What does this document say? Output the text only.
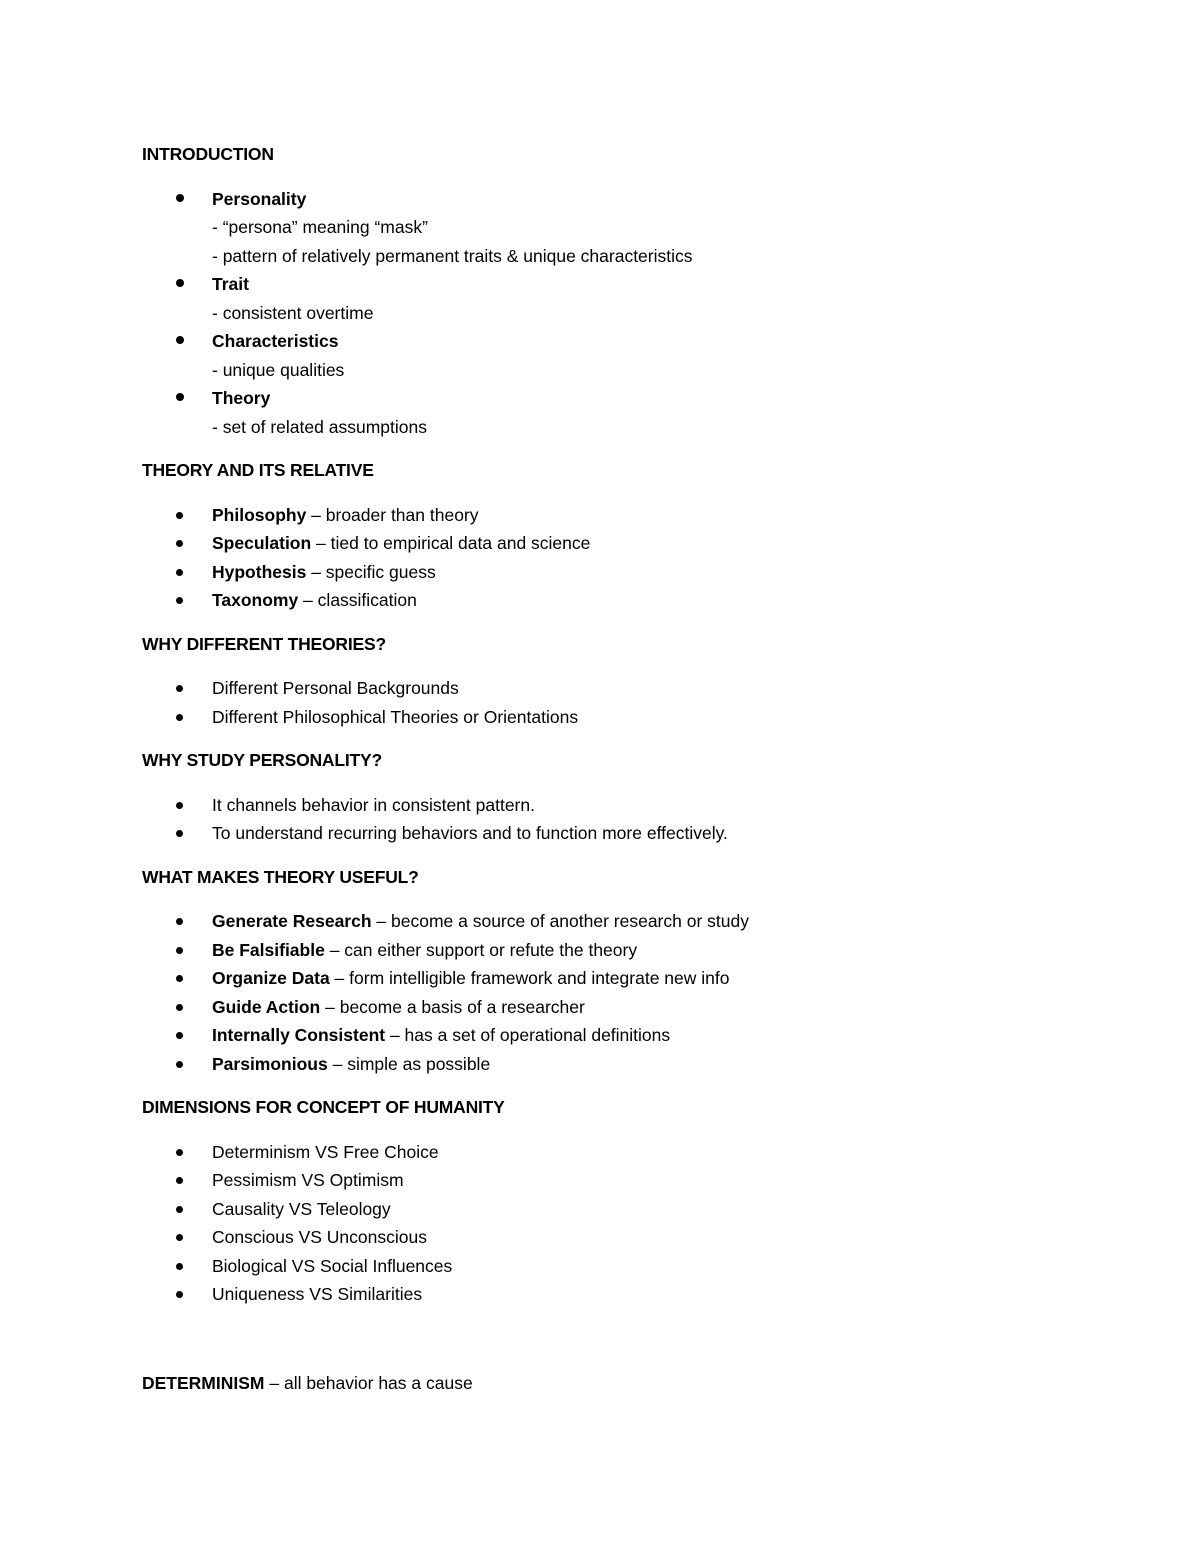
INTRODUCTION
Personality
- “persona” meaning “mask”
- pattern of relatively permanent traits & unique characteristics
Trait
- consistent overtime
Characteristics
- unique qualities
Theory
- set of related assumptions
THEORY AND ITS RELATIVE
Philosophy – broader than theory
Speculation – tied to empirical data and science
Hypothesis – specific guess
Taxonomy – classification
WHY DIFFERENT THEORIES?
Different Personal Backgrounds
Different Philosophical Theories or Orientations
WHY STUDY PERSONALITY?
It channels behavior in consistent pattern.
To understand recurring behaviors and to function more effectively.
WHAT MAKES THEORY USEFUL?
Generate Research – become a source of another research or study
Be Falsifiable – can either support or refute the theory
Organize Data – form intelligible framework and integrate new info
Guide Action – become a basis of a researcher
Internally Consistent – has a set of operational definitions
Parsimonious – simple as possible
DIMENSIONS FOR CONCEPT OF HUMANITY
Determinism VS Free Choice
Pessimism VS Optimism
Causality VS Teleology
Conscious VS Unconscious
Biological VS Social Influences
Uniqueness VS Similarities
DETERMINISM – all behavior has a cause
